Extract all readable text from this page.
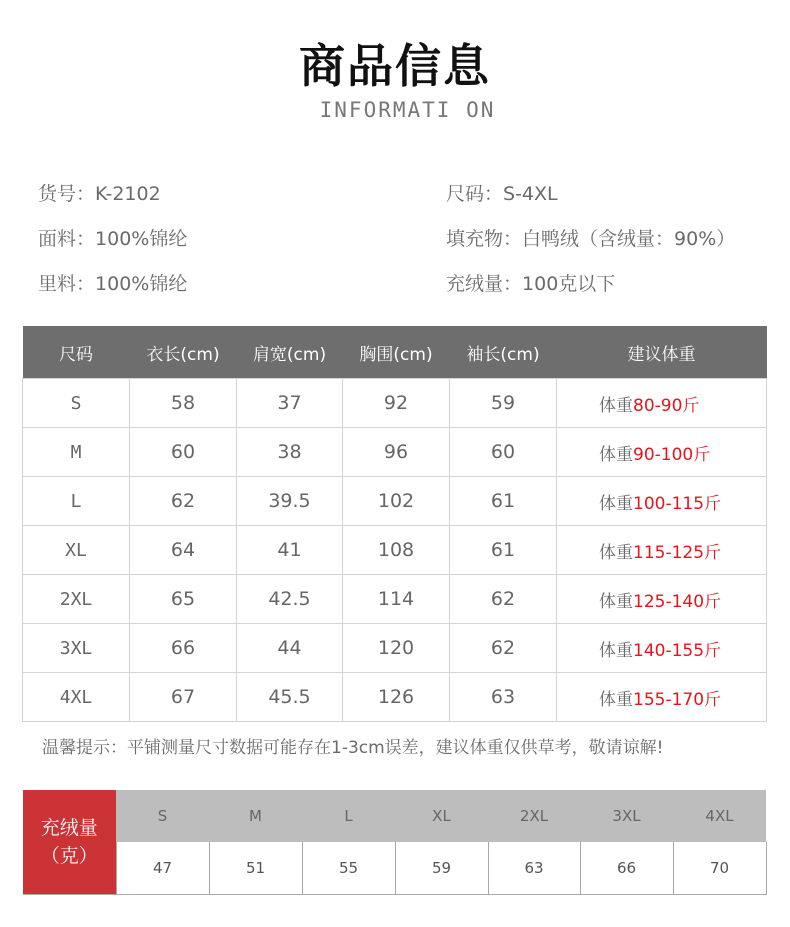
商品信息
INFORMATI ON
货号：K-2102
面料：100%锦纶
里料：100%锦纶
尺码：S-4XL
填充物：白鸭绒（含绒量：90%）
充绒量：100克以下
尺码	衣长(cm)	肩宽(cm)	胸围(cm)	袖长(cm)	建议体重
S	58	37	92	59	体重80-90斤
M	60	38	96	60	体重90-100斤
L	62	39.5	102	61	体重100-115斤
XL	64	41	108	61	体重115-125斤
2XL	65	42.5	114	62	体重125-140斤
3XL	66	44	120	62	体重140-155斤
4XL	67	45.5	126	63	体重155-170斤
温馨提示：平铺测量尺寸数据可能存在1-3cm误差，建议体重仅供草考，敬请谅解!
充绒量
（克）	S	M	L	XL	2XL	3XL	4XL
	47	51	55	59	63	66	70
